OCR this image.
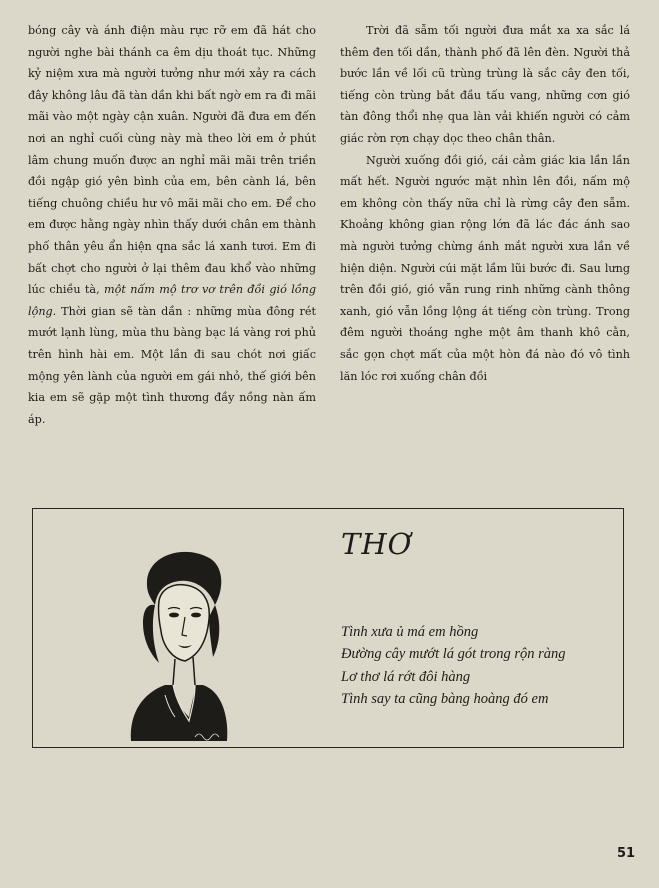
bóng cây và ánh điện màu rực rỡ em đã hát cho người nghe bài thánh ca êm dịu thoát tục. Những kỷ niệm xưa mà người tưởng như mới xảy ra cách đây không lâu đã tàn dần khi bất ngờ em ra đi mãi mãi vào một ngày cận xuân. Người đã đưa em đến nơi an nghỉ cuối cùng này mà theo lời em ở phút lâm chung muốn được an nghỉ mãi mãi trên triền đồi ngập gió yên bình của em, bên cành lá, bên tiếng chuông chiều hư vô mãi mãi cho em. Để cho em được hằng ngày nhìn thấy dưới chân em thành phố thân yêu ẩn hiện qna sắc lá xanh tươi. Em đi bất chợt cho người ở lại thêm đau khổ vào những lúc chiều tà, một nấm mộ trơ vơ trên đồi gió lồng lộng. Thời gian sẽ tàn dần : những mùa đông rét mướt lạnh lùng, mùa thu bàng bạc lá vàng rơi phủ trên hình hài em. Một lần đi sau chót nơi giấc mộng yên lành của người em gái nhỏ, thế giới bên kia em sẽ gặp một tình thương đầy nồng nàn ấm áp.

Trời đã sẫm tối người đưa mắt xa xa sắc lá thêm đen tối dần, thành phố đã lên đèn. Người thả bước lần về lối cũ trùng trùng là sắc cây đen tối, tiếng còn trùng bắt đầu tấu vang, những cơn gió tàn đông thổi nhẹ qua làn vải khiến người có cảm giác rờn rợn chạy dọc theo chân thân.

Người xuống đồi gió, cái cảm giác kia lần lần mất hết. Người ngước mặt nhìn lên đồi, nấm mộ em không còn thấy nữa chỉ là rừng cây đen sẫm. Khoảng không gian rộng lớn đã lác đác ánh sao mà người tưởng chừng ánh mắt người xưa lần về hiện diện. Người cúi mặt lầm lũi bước đi. Sau lưng trên đồi gió, gió vẫn rung rinh những cành thông xanh, gió vẫn lồng lộng át tiếng còn trùng. Trong đêm người thoáng nghe một âm thanh khô cằn, sắc gọn chợt mất của một hòn đá nào đó vô tình lăn lóc rơi xuống chân đồi

THƠ
Tình xưa ủ má em hồng
Đường cây mướt lá gót trong rộn ràng
Lơ thơ lá rớt đôi hàng
Tình say ta cũng bàng hoàng đó em
51
